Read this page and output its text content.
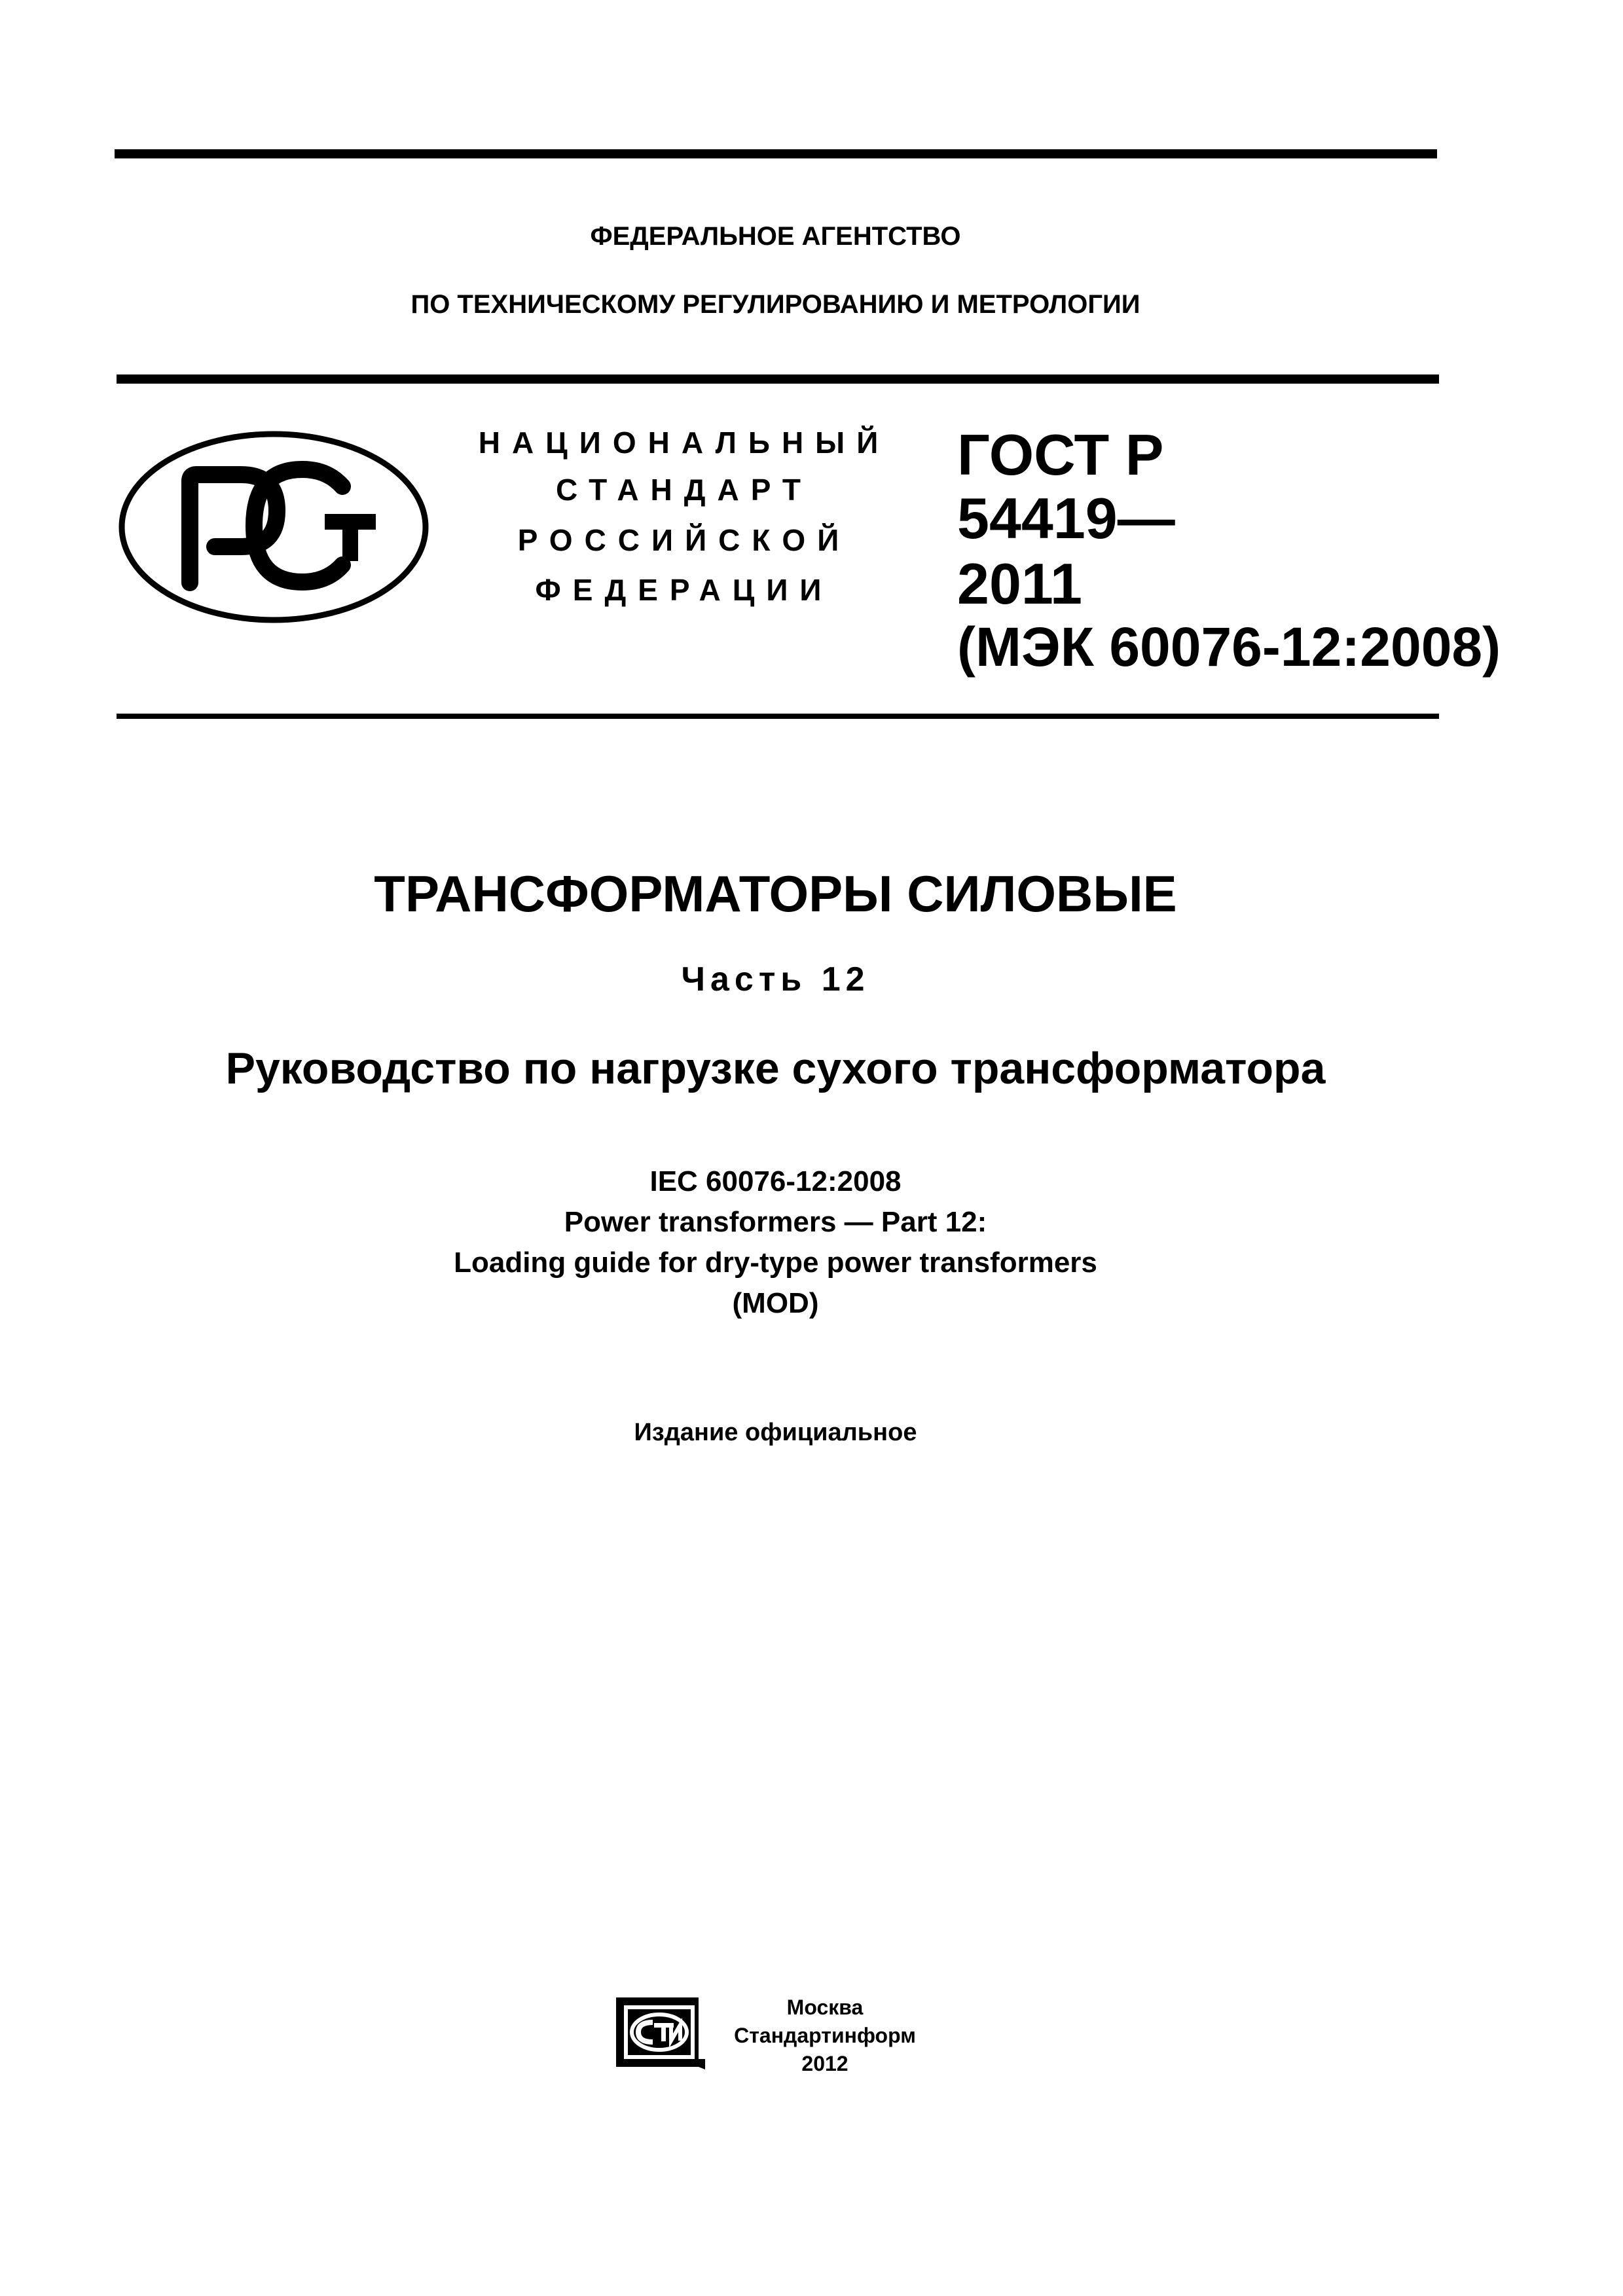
ФЕДЕРАЛЬНОЕ АГЕНТСТВО
ПО ТЕХНИЧЕСКОМУ РЕГУЛИРОВАНИЮ И МЕТРОЛОГИИ
НАЦИОНАЛЬНЫЙ
СТАНДАРТ
РОССИЙСКОЙ
ФЕДЕРАЦИИ
ГОСТ Р
54419—
2011
(МЭК 60076-12:2008)
ТРАНСФОРМАТОРЫ СИЛОВЫЕ
Часть 12
Руководство по нагрузке сухого трансформатора
IEC 60076-12:2008
Power transformers — Part 12:
Loading guide for dry-type power transformers
(MOD)
Издание официальное
Москва
Стандартинформ
2012
